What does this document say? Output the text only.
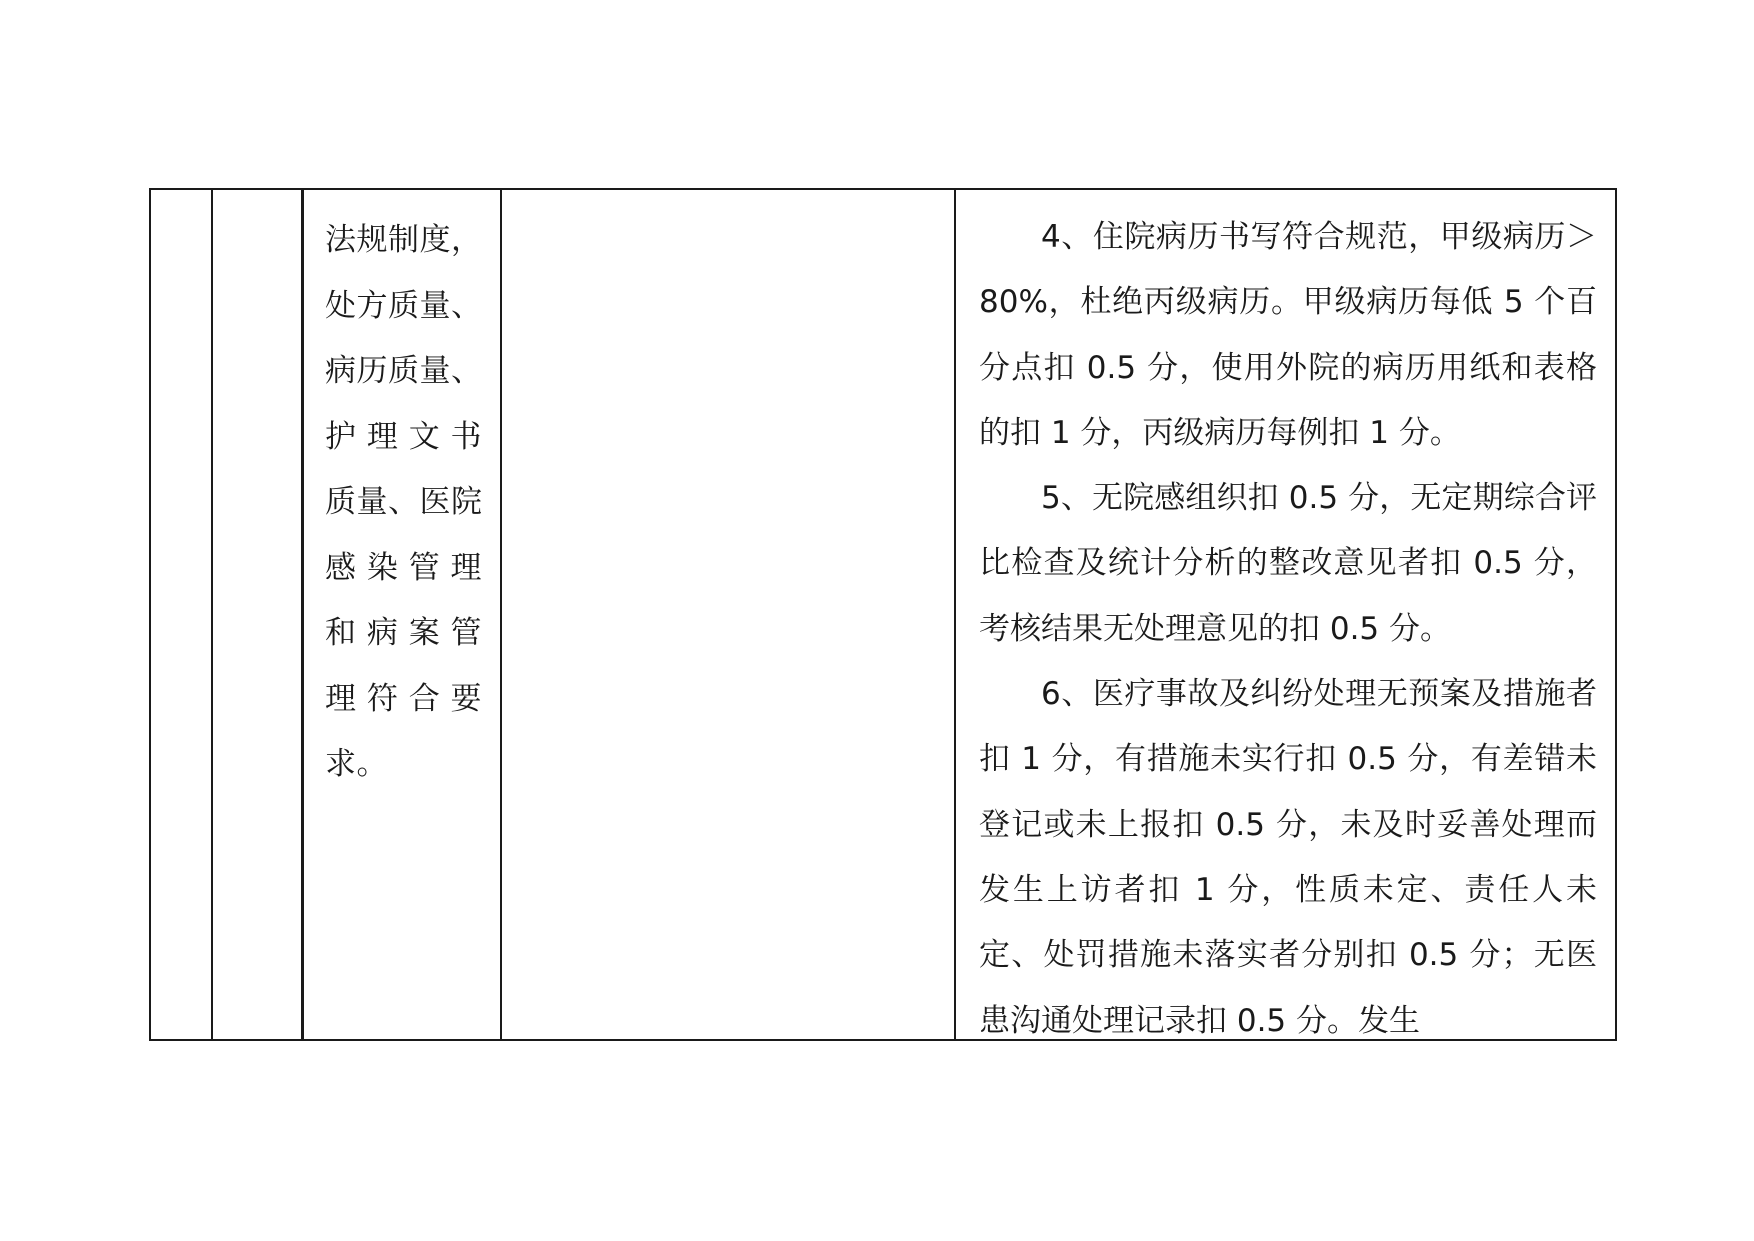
法规制度，
处方质量、
病历质量、
护 理 文 书
质量、医院
感 染 管 理
和 病 案 管
理 符 合 要
求。

4、住院病历书写符合规范，甲级病历＞80%，杜绝丙级病历。甲级病历每低 5 个百分点扣 0.5 分，使用外院的病历用纸和表格的扣 1 分，丙级病历每例扣 1 分。

5、无院感组织扣 0.5 分，无定期综合评比检查及统计分析的整改意见者扣 0.5 分，考核结果无处理意见的扣 0.5 分。

6、医疗事故及纠纷处理无预案及措施者扣 1 分，有措施未实行扣 0.5 分，有差错未登记或未上报扣 0.5 分，未及时妥善处理而发生上访者扣 1 分，性质未定、责任人未定、处罚措施未落实者分别扣 0.5 分；无医患沟通处理记录扣 0.5 分。发生
